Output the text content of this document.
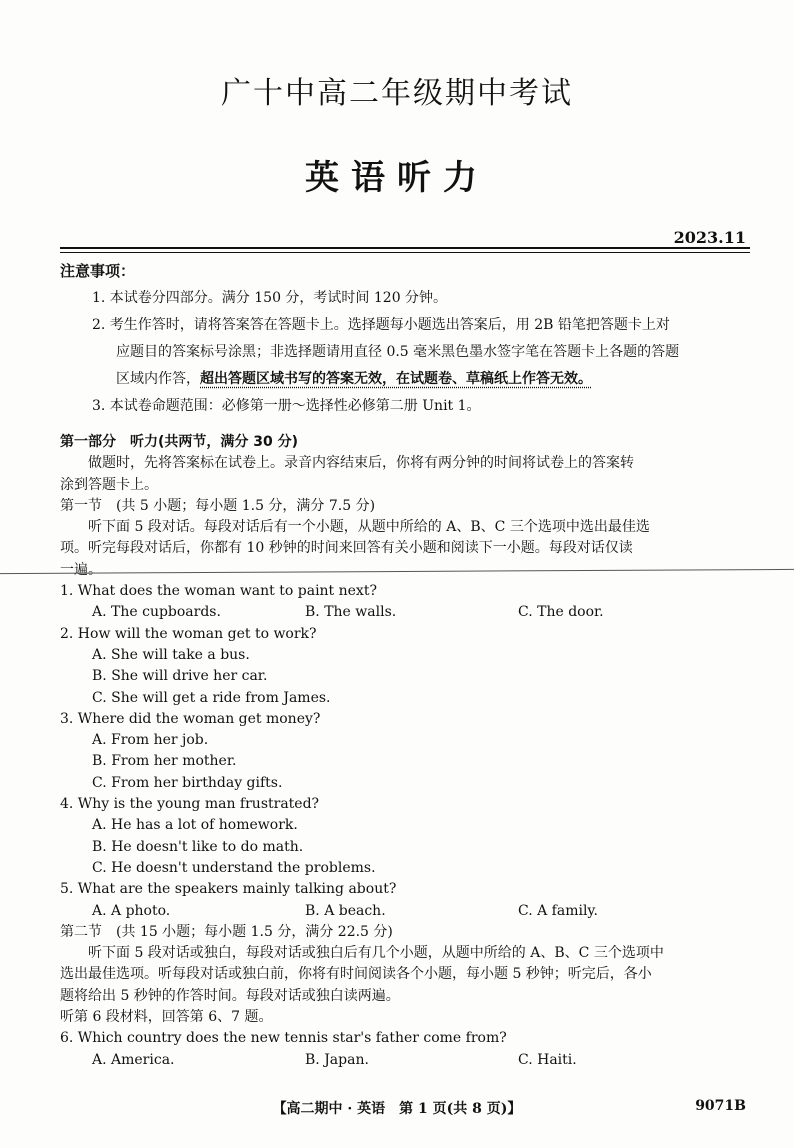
广十中高二年级期中考试
英语听力
2023.11
注意事项：
1. 本试卷分四部分。满分 150 分，考试时间 120 分钟。
2. 考生作答时，请将答案答在答题卡上。选择题每小题选出答案后，用 2B 铅笔把答题卡上对
应题目的答案标号涂黑；非选择题请用直径 0.5 毫米黑色墨水签字笔在答题卡上各题的答题
区域内作答，超出答题区域书写的答案无效，在试题卷、草稿纸上作答无效。
3. 本试卷命题范围：必修第一册～选择性必修第二册 Unit 1。
第一部分　听力(共两节，满分 30 分)
做题时，先将答案标在试卷上。录音内容结束后，你将有两分钟的时间将试卷上的答案转
涂到答题卡上。
第一节　(共 5 小题；每小题 1.5 分，满分 7.5 分)
听下面 5 段对话。每段对话后有一个小题，从题中所给的 A、B、C 三个选项中选出最佳选
项。听完每段对话后，你都有 10 秒钟的时间来回答有关小题和阅读下一小题。每段对话仅读
一遍。
1. What does the woman want to paint next?
A. The cupboards.	B. The walls.	C. The door.
2. How will the woman get to work?
A. She will take a bus.
B. She will drive her car.
C. She will get a ride from James.
3. Where did the woman get money?
A. From her job.
B. From her mother.
C. From her birthday gifts.
4. Why is the young man frustrated?
A. He has a lot of homework.
B. He doesn't like to do math.
C. He doesn't understand the problems.
5. What are the speakers mainly talking about?
A. A photo.	B. A beach.	C. A family.
第二节　(共 15 小题；每小题 1.5 分，满分 22.5 分)
听下面 5 段对话或独白，每段对话或独白后有几个小题，从题中所给的 A、B、C 三个选项中
选出最佳选项。听每段对话或独白前，你将有时间阅读各个小题，每小题 5 秒钟；听完后，各小
题将给出 5 秒钟的作答时间。每段对话或独白读两遍。
听第 6 段材料，回答第 6、7 题。
6. Which country does the new tennis star's father come from?
A. America.	B. Japan.	C. Haiti.
【高二期中 · 英语　第 1 页(共 8 页)】	9071B
